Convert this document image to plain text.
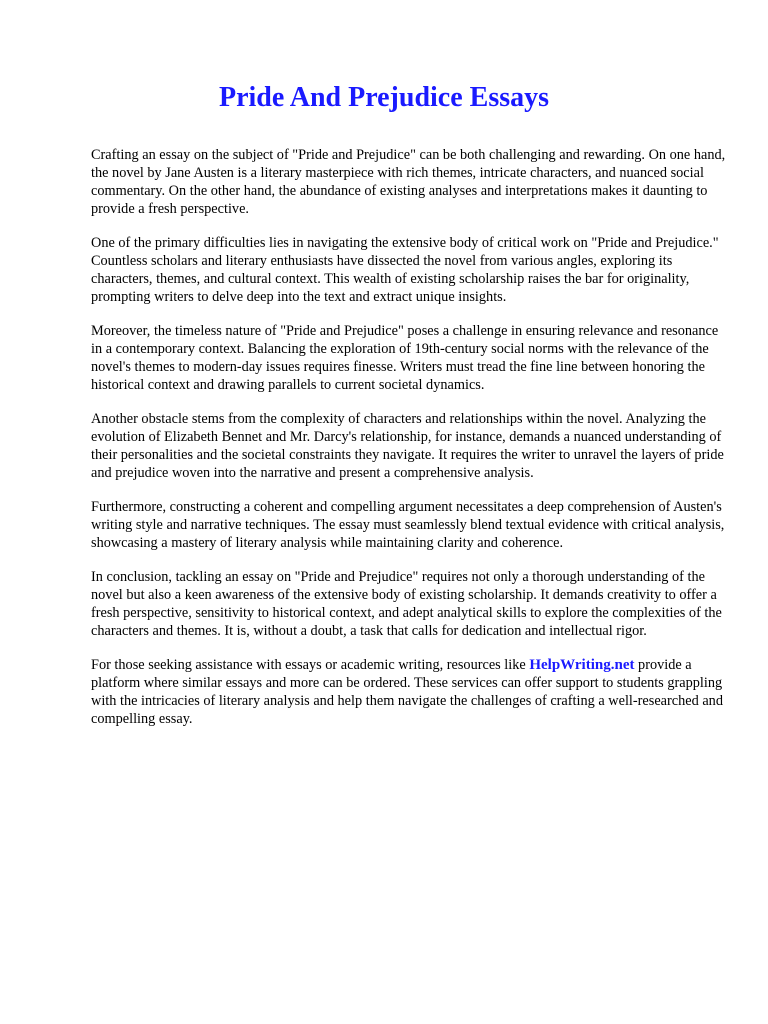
Pride And Prejudice Essays

Crafting an essay on the subject of "Pride and Prejudice" can be both challenging and rewarding. On one hand, the novel by Jane Austen is a literary masterpiece with rich themes, intricate characters, and nuanced social commentary. On the other hand, the abundance of existing analyses and interpretations makes it daunting to provide a fresh perspective.

One of the primary difficulties lies in navigating the extensive body of critical work on "Pride and Prejudice." Countless scholars and literary enthusiasts have dissected the novel from various angles, exploring its characters, themes, and cultural context. This wealth of existing scholarship raises the bar for originality, prompting writers to delve deep into the text and extract unique insights.

Moreover, the timeless nature of "Pride and Prejudice" poses a challenge in ensuring relevance and resonance in a contemporary context. Balancing the exploration of 19th-century social norms with the relevance of the novel's themes to modern-day issues requires finesse. Writers must tread the fine line between honoring the historical context and drawing parallels to current societal dynamics.

Another obstacle stems from the complexity of characters and relationships within the novel. Analyzing the evolution of Elizabeth Bennet and Mr. Darcy's relationship, for instance, demands a nuanced understanding of their personalities and the societal constraints they navigate. It requires the writer to unravel the layers of pride and prejudice woven into the narrative and present a comprehensive analysis.

Furthermore, constructing a coherent and compelling argument necessitates a deep comprehension of Austen's writing style and narrative techniques. The essay must seamlessly blend textual evidence with critical analysis, showcasing a mastery of literary analysis while maintaining clarity and coherence.

In conclusion, tackling an essay on "Pride and Prejudice" requires not only a thorough understanding of the novel but also a keen awareness of the extensive body of existing scholarship. It demands creativity to offer a fresh perspective, sensitivity to historical context, and adept analytical skills to explore the complexities of the characters and themes. It is, without a doubt, a task that calls for dedication and intellectual rigor.

For those seeking assistance with essays or academic writing, resources like HelpWriting.net provide a platform where similar essays and more can be ordered. These services can offer support to students grappling with the intricacies of literary analysis and help them navigate the challenges of crafting a well-researched and compelling essay.
